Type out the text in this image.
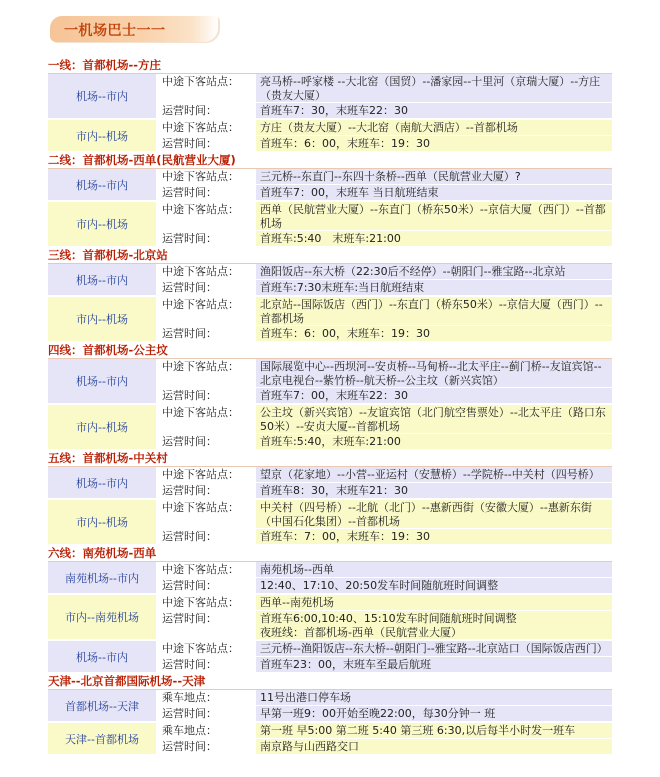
一机场巴士一一
一线：首都机场--方庄
机场--市内
中途下客站点：	亮马桥--呼家楼 --大北窑（国贸）--潘家园--十里河（京瑞大厦）--方庄（贵友大厦）
运营时间：	首班车7：30，末班车22：30
市内--机场
中途下客站点：	方庄（贵友大厦）--大北窑（南航大酒店）--首都机场
运营时间：	首班车：6：00，末班车：19：30
二线：首都机场-西单(民航营业大厦)
机场--市内
中途下客站点：	三元桥--东直门--东四十条桥--西单（民航营业大厦）?
运营时间：	首班车7：00，末班车 当日航班结束
市内--机场
中途下客站点：	西单（民航营业大厦）--东直门（桥东50米）--京信大厦（西门）--首都机场
运营时间：	首班车:5:40　末班车:21:00
三线：首都机场-北京站
机场--市内
中途下客站点：	渔阳饭店--东大桥（22:30后不经停）--朝阳门--雅宝路--北京站
运营时间：	首班车:7:30末班车:当日航班结束
市内--机场
中途下客站点：	北京站--国际饭店（西门）--东直门（桥东50米）--京信大厦（西门）--首都机场
运营时间：	首班车：6：00，末班车：19：30
四线：首都机场-公主坟
机场--市内
中途下客站点：	国际展览中心--西坝河--安贞桥--马甸桥--北太平庄--蓟门桥--友谊宾馆--北京电视台--紫竹桥--航天桥--公主坟（新兴宾馆）
运营时间：	首班车7：00，末班车22：30
市内--机场
中途下客站点：	公主坟（新兴宾馆）--友谊宾馆（北门航空售票处）--北太平庄（路口东50米）--安贞大厦--首都机场
运营时间：	首班车:5:40，末班车:21:00
五线：首都机场-中关村
机场--市内
中途下客站点：	望京（花家地）--小营--亚运村（安慧桥）--学院桥--中关村（四号桥）
运营时间：	首班车8：30，末班车21：30
市内--机场
中途下客站点：	中关村（四号桥）--北航（北门）--惠新西街（安徽大厦）--惠新东街（中国石化集团）--首都机场
运营时间：	首班车：7：00，末班车：19：30
六线：南苑机场-西单
南苑机场--市内
中途下客站点：	南苑机场--西单
运营时间：	12:40、17:10、20:50发车时间随航班时间调整
市内--南苑机场
中途下客站点：	西单--南苑机场
运营时间：	首班车6:00,10:40、15:10发车时间随航班时间调整
夜班线：首都机场-西单（民航营业大厦）
机场--市内
中途下客站点：	三元桥--渔阳饭店--东大桥--朝阳门--雅宝路--北京站口（国际饭店西门）
运营时间：	首班车23：00，末班车至最后航班
天津--北京首都国际机场--天津
首都机场--天津
乘车地点：	11号出港口停车场
运营时间：	早第一班9：00开始至晚22:00，每30分钟一 班
天津--首都机场
乘车地点：	第一班 早5:00 第二班 5:40 第三班 6:30,以后每半小时发一班车
运营时间：	南京路与山西路交口
